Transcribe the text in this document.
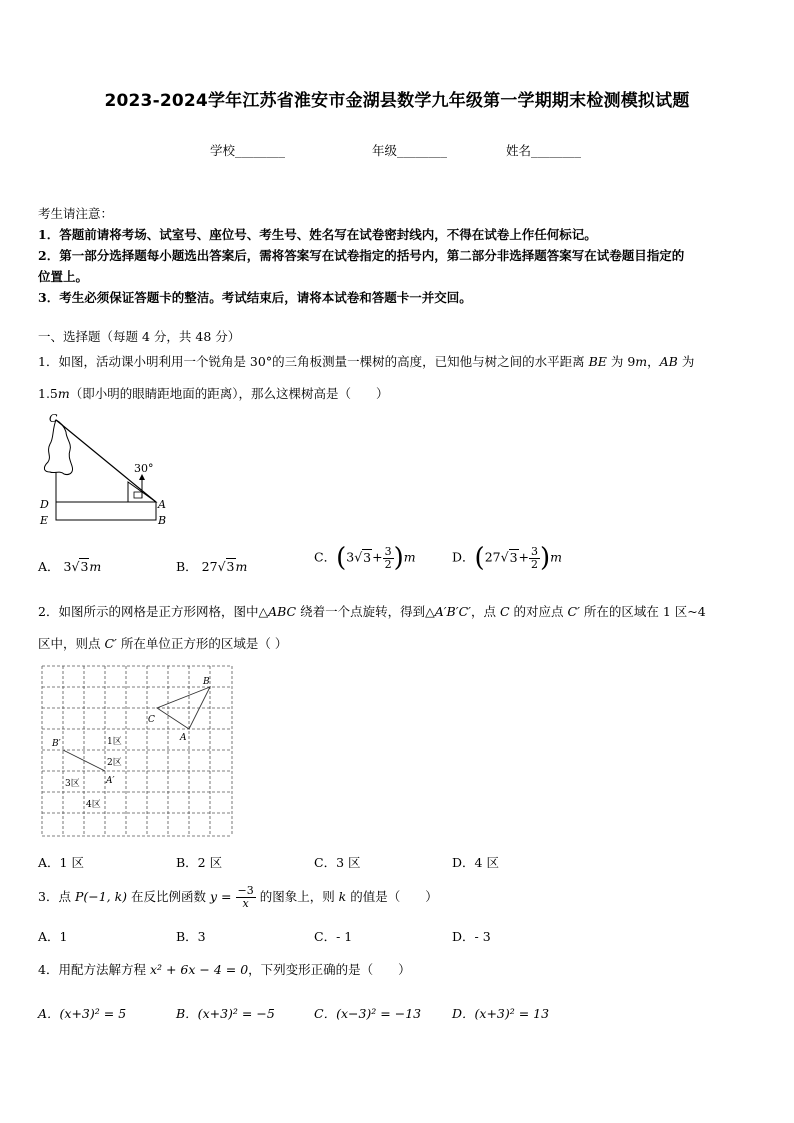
2023-2024学年江苏省淮安市金湖县数学九年级第一学期期末检测模拟试题
学校________	年级________	姓名________
考生请注意：
1．答题前请将考场、试室号、座位号、考生号、姓名写在试卷密封线内，不得在试卷上作任何标记。
2．第一部分选择题每小题选出答案后，需将答案写在试卷指定的括号内，第二部分非选择题答案写在试卷题目指定的
位置上。
3．考生必须保证答题卡的整洁。考试结束后，请将本试卷和答题卡一并交回。
一、选择题（每题 4 分，共 48 分）
1．如图，活动课小明利用一个锐角是 30°的三角板测量一棵树的高度，已知他与树之间的水平距离 BE 为 9m，AB 为
1.5m（即小明的眼睛距地面的距离），那么这棵树高是（　　）
30°
C
D
E
A
B
A． 3√3m	B． 27√3m
C．$(3√3+ \frac{3}{2} )m$	D．$(27√3+ \frac{3}{2} )m$
2．如图所示的网格是正方形网格，图中△ABC 绕着一个点旋转，得到△A′B′C′，点 C 的对应点 C′ 所在的区域在 1 区~4
区中，则点 C′ 所在单位正方形的区域是（ ）
B
C
A
B′
A′
1区
2区
3区
4区
A．1 区	B．2 区	C．3 区	D．4 区
3．点 P(−1, k) 在反比例函数 $y = \frac{-3}{x}$ 的图象上，则 k 的值是（　　）
A．1	B．3	C．- 1	D．- 3
4．用配方法解方程 x² + 6x − 4 = 0，下列变形正确的是（　　）
A．(x+3)² = 5	B．(x+3)² = −5	C．(x−3)² = −13 D．(x+3)² = 13
